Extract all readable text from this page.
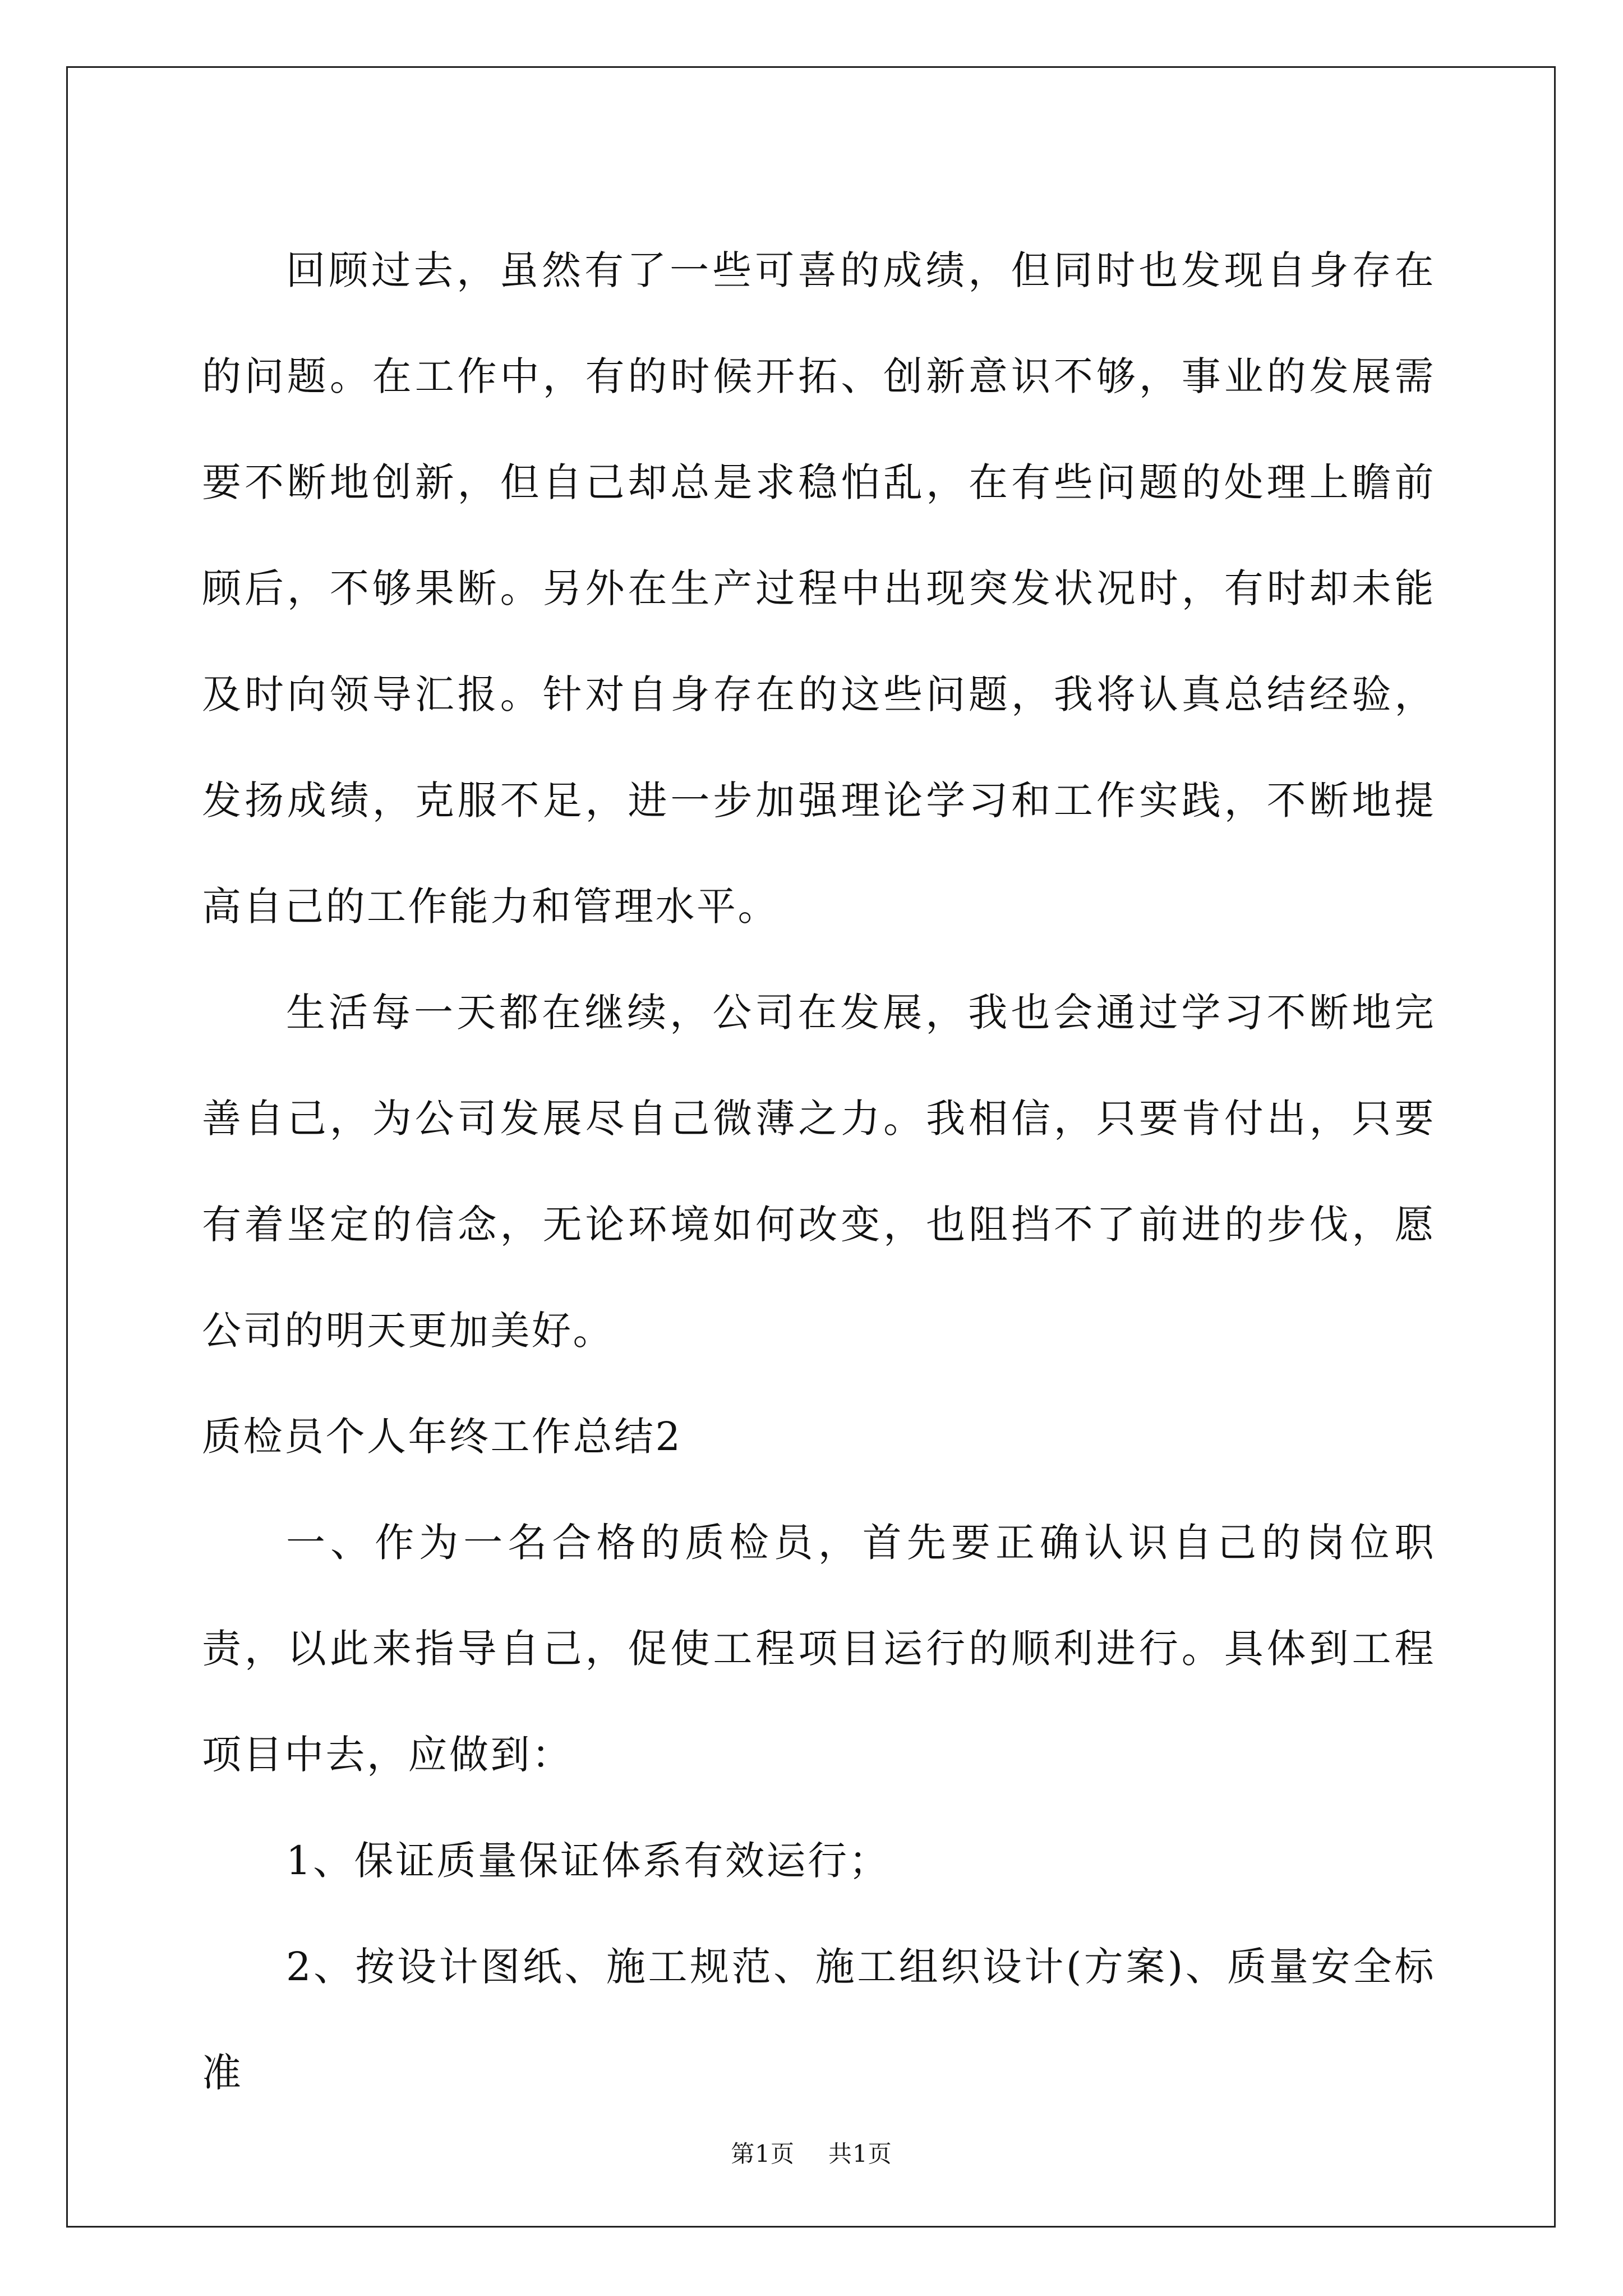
回顾过去，虽然有了一些可喜的成绩，但同时也发现自身存在的问题。在工作中，有的时候开拓、创新意识不够，事业的发展需要不断地创新，但自己却总是求稳怕乱，在有些问题的处理上瞻前顾后，不够果断。另外在生产过程中出现突发状况时，有时却未能及时向领导汇报。针对自身存在的这些问题，我将认真总结经验，发扬成绩，克服不足，进一步加强理论学习和工作实践，不断地提高自己的工作能力和管理水平。

生活每一天都在继续，公司在发展，我也会通过学习不断地完善自己，为公司发展尽自己微薄之力。我相信，只要肯付出，只要有着坚定的信念，无论环境如何改变，也阻挡不了前进的步伐，愿公司的明天更加美好。

质检员个人年终工作总结2

一、作为一名合格的质检员，首先要正确认识自己的岗位职责，以此来指导自己，促使工程项目运行的顺利进行。具体到工程项目中去，应做到：

1、保证质量保证体系有效运行；

2、按设计图纸、施工规范、施工组织设计(方案)、质量安全标准

第1页 共1页
